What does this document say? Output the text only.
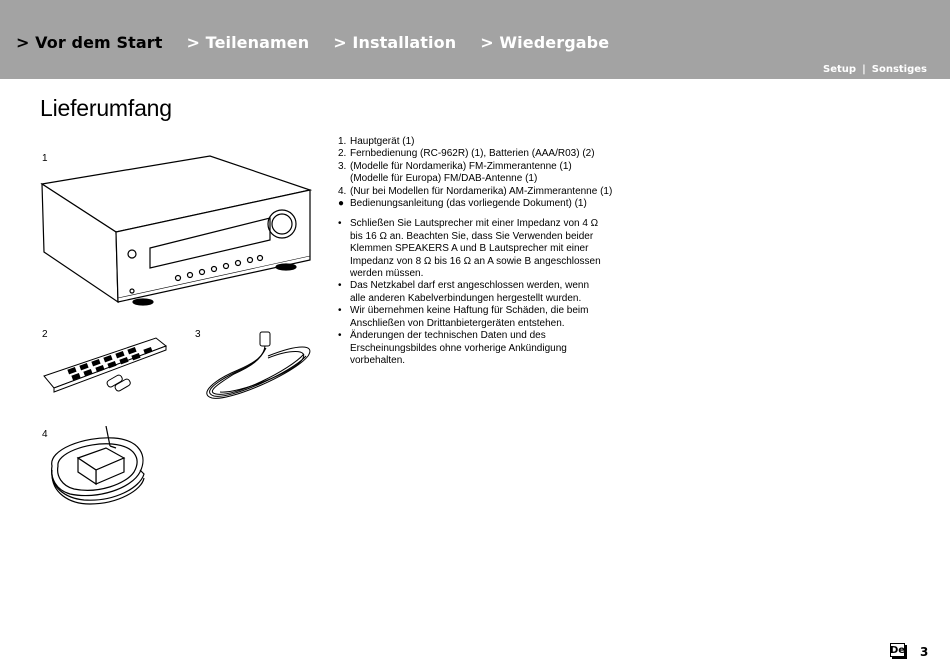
> Vor dem Start > Teilenamen > Installation > Wiedergabe
Setup | Sonstiges
Lieferumfang
1
2	3
4
1. Hauptgerät (1)
2. Fernbedienung (RC-962R) (1), Batterien (AAA/R03) (2)
3. (Modelle für Nordamerika) FM-Zimmerantenne (1)
(Modelle für Europa) FM/DAB-Antenne (1)
4. (Nur bei Modellen für Nordamerika) AM-Zimmerantenne (1)
● Bedienungsanleitung (das vorliegende Dokument) (1)
• Schließen Sie Lautsprecher mit einer Impedanz von 4 Ω
bis 16 Ω an. Beachten Sie, dass Sie Verwenden beider
Klemmen SPEAKERS A und B Lautsprecher mit einer
Impedanz von 8 Ω bis 16 Ω an A sowie B angeschlossen
werden müssen.
• Das Netzkabel darf erst angeschlossen werden, wenn
alle anderen Kabelverbindungen hergestellt wurden.
• Wir übernehmen keine Haftung für Schäden, die beim
Anschließen von Drittanbietergeräten entstehen.
• Änderungen der technischen Daten und des
Erscheinungsbildes ohne vorherige Ankündigung
vorbehalten.
De 3
